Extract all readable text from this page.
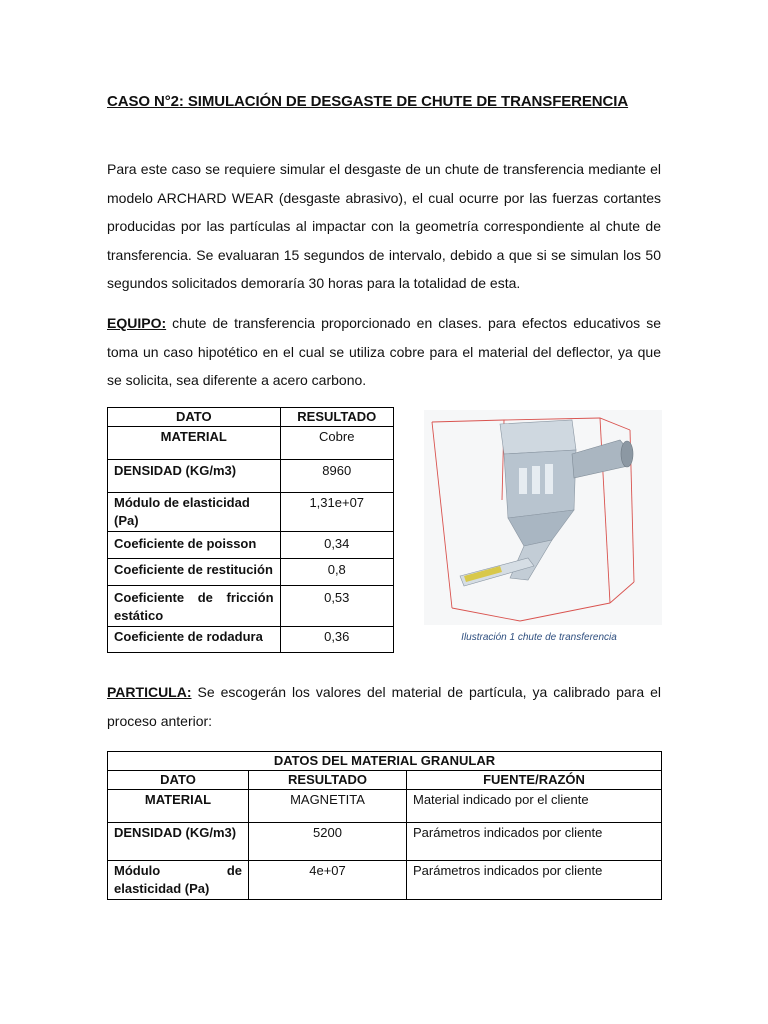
CASO N°2: SIMULACIÓN DE DESGASTE DE CHUTE DE TRANSFERENCIA

Para este caso se requiere simular el desgaste de un chute de transferencia mediante el modelo ARCHARD WEAR (desgaste abrasivo), el cual ocurre por las fuerzas cortantes producidas por las partículas al impactar con la geometría correspondiente al chute de transferencia. Se evaluaran 15 segundos de intervalo, debido a que si se simulan los 50 segundos solicitados demoraría 30 horas para la totalidad de esta.

EQUIPO: chute de transferencia proporcionado en clases. para efectos educativos se toma un caso hipotético en el cual se utiliza cobre para el material del deflector, ya que se solicita, sea diferente a acero carbono.

DATO	RESULTADO
MATERIAL	Cobre
DENSIDAD (KG/m3)	8960
Módulo de elasticidad (Pa)	1,31e+07
Coeficiente de poisson	0,34
Coeficiente de restitución	0,8
Coeficiente de fricción estático	0,53
Coeficiente de rodadura	0,36	Ilustración 1 chute de transferencia

PARTICULA: Se escogerán los valores del material de partícula, ya calibrado para el proceso anterior:

DATOS DEL MATERIAL GRANULAR		
DATO	RESULTADO	FUENTE/RAZÓN
MATERIAL	MAGNETITA	Material indicado por el cliente
DENSIDAD (KG/m3)	5200	Parámetros indicados por cliente
Módulo de elasticidad (Pa)	4e+07	Parámetros indicados por cliente
